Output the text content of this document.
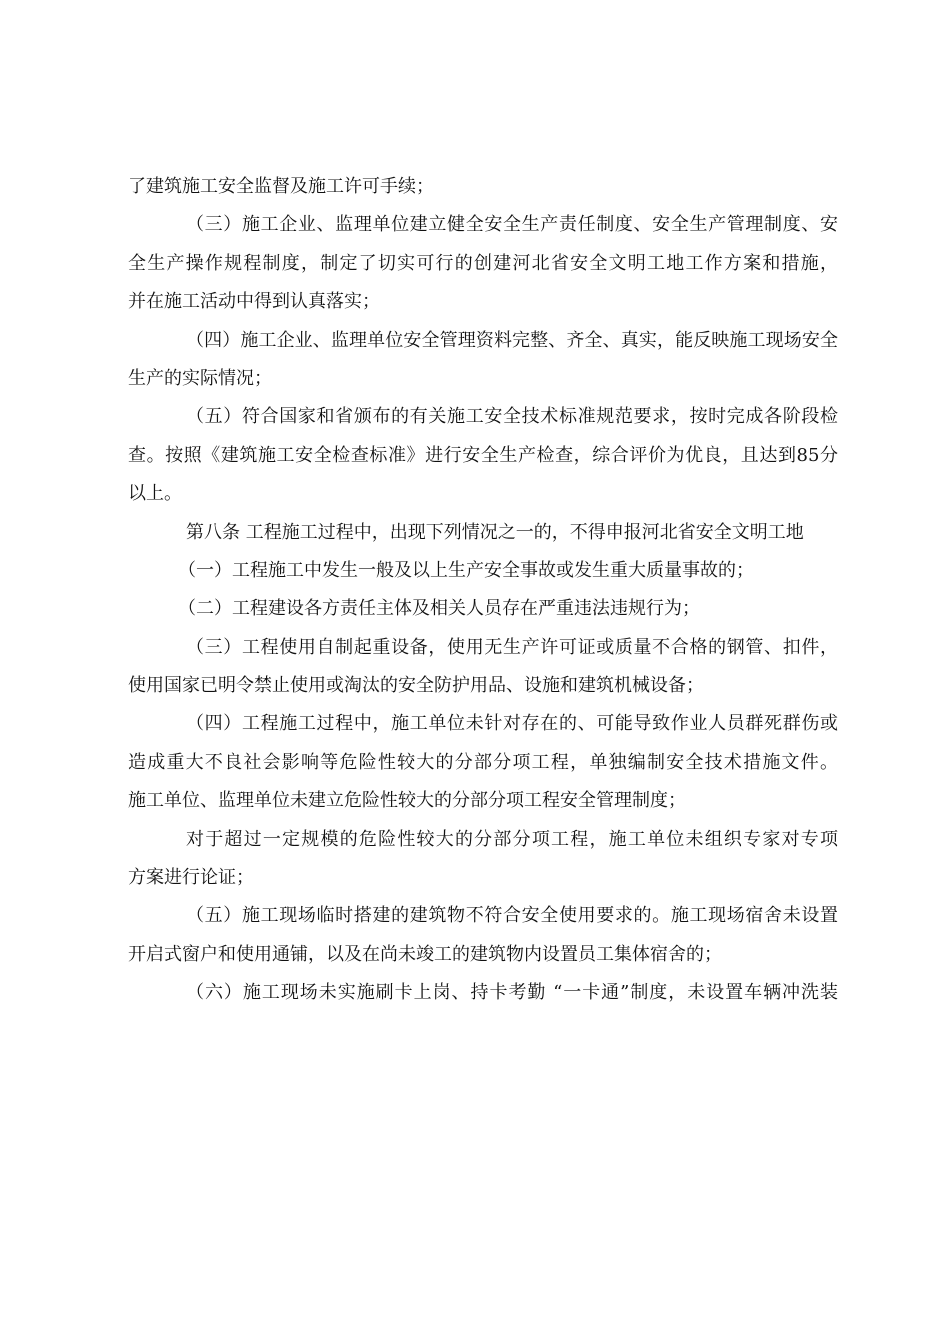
了建筑施工安全监督及施工许可手续；
（三）施工企业、监理单位建立健全安全生产责任制度、安全生产管理制度、安
全生产操作规程制度，制定了切实可行的创建河北省安全文明工地工作方案和措施，
并在施工活动中得到认真落实；
（四）施工企业、监理单位安全管理资料完整、齐全、真实，能反映施工现场安全
生产的实际情况；
（五）符合国家和省颁布的有关施工安全技术标准规范要求，按时完成各阶段检
查。按照《建筑施工安全检查标准》进行安全生产检查，综合评价为优良，且达到85分
以上。
第八条 工程施工过程中，出现下列情况之一的，不得申报河北省安全文明工地
（一）工程施工中发生一般及以上生产安全事故或发生重大质量事故的；
（二）工程建设各方责任主体及相关人员存在严重违法违规行为；
（三）工程使用自制起重设备，使用无生产许可证或质量不合格的钢管、扣件，
使用国家已明令禁止使用或淘汰的安全防护用品、设施和建筑机械设备；
（四）工程施工过程中，施工单位未针对存在的、可能导致作业人员群死群伤或
造成重大不良社会影响等危险性较大的分部分项工程，单独编制安全技术措施文件。
施工单位、监理单位未建立危险性较大的分部分项工程安全管理制度；
对于超过一定规模的危险性较大的分部分项工程，施工单位未组织专家对专项
方案进行论证；
（五）施工现场临时搭建的建筑物不符合安全使用要求的。施工现场宿舍未设置
开启式窗户和使用通铺，以及在尚未竣工的建筑物内设置员工集体宿舍的；
（六）施工现场未实施刷卡上岗、持卡考勤 “一卡通”制度，未设置车辆冲洗装
